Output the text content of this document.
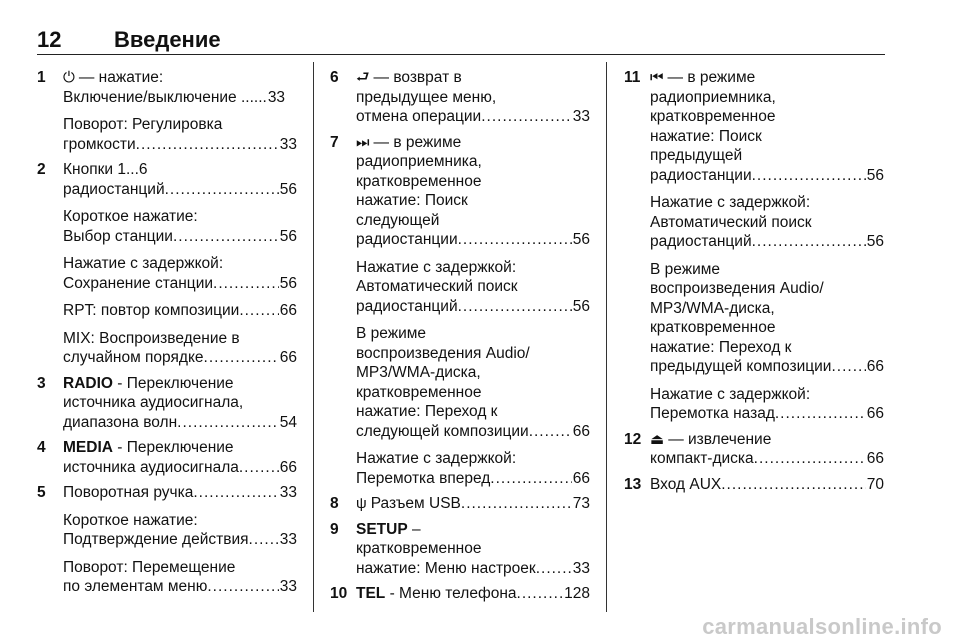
12 Введение
1 ⏻ — нажатие:
Включение/выключение ...... 33
Поворот: Регулировка
громкости .....	33
2 Кнопки 1...6
радиостанций .....	56
Короткое нажатие:
Выбор станции .....	56
Нажатие с задержкой:
Сохранение станции .....	56
RPT: повтор композиции .....	66
MIX: Воспроизведение в
случайном порядке .....	66
3 RADIO - Переключение
источника аудиосигнала,
диапазона волн .....	54
4 MEDIA - Переключение
источника аудиосигнала .....	66
5 Поворотная ручка .....	33
Короткое нажатие:
Подтверждение действия ..... 33
Поворот: Перемещение
по элементам меню .....	33
6 ⮐ — возврат в
предыдущее меню,
отмена операции .....	33
7 ⏭ — в режиме
радиоприемника,
кратковременное
нажатие: Поиск
следующей
радиостанции .....	56
Нажатие с задержкой:
Автоматический поиск
радиостанций .....	56
В режиме
воспроизведения Audio/
MP3/WMA-диска,
кратковременное
нажатие: Переход к
следующей композиции .....	66
Нажатие с задержкой:
Перемотка вперед .....	66
8 ψ Разъем USB .....	73
9 SETUP –
кратковременное
нажатие: Меню настроек ..... 33
10 TEL - Меню телефона .....	128
11 ⏮ — в режиме
радиоприемника,
кратковременное
нажатие: Поиск
предыдущей
радиостанции .....	56
Нажатие с задержкой:
Автоматический поиск
радиостанций .....	56
В режиме
воспроизведения Audio/
MP3/WMA-диска,
кратковременное
нажатие: Переход к
предыдущей композиции ..... 66
Нажатие с задержкой:
Перемотка назад .....	66
12 ⏏ — извлечение
компакт-диска .....	66
13 Вход AUX .....	70
carmanualsonline.info
